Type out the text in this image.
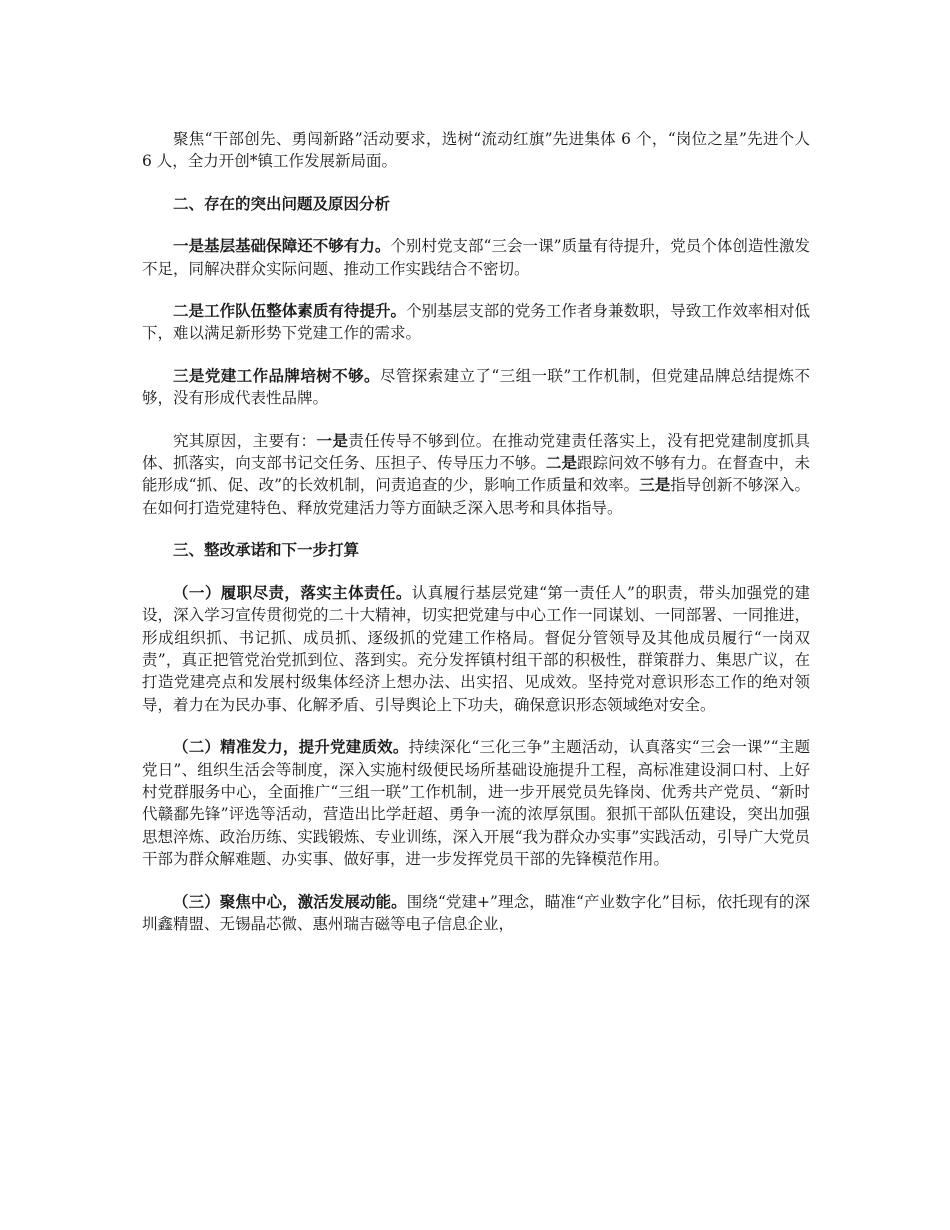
聚焦“干部创先、勇闯新路”活动要求，选树“流动红旗”先进集体 6 个，“岗位之星”先进个人 6 人，全力开创*镇工作发展新局面。

二、存在的突出问题及原因分析

一是基层基础保障还不够有力。个别村党支部“三会一课”质量有待提升，党员个体创造性激发不足，同解决群众实际问题、推动工作实践结合不密切。

二是工作队伍整体素质有待提升。个别基层支部的党务工作者身兼数职，导致工作效率相对低下，难以满足新形势下党建工作的需求。

三是党建工作品牌培树不够。尽管探索建立了“三组一联”工作机制，但党建品牌总结提炼不够，没有形成代表性品牌。

究其原因，主要有：一是责任传导不够到位。在推动党建责任落实上，没有把党建制度抓具体、抓落实，向支部书记交任务、压担子、传导压力不够。二是跟踪问效不够有力。在督查中，未能形成“抓、促、改”的长效机制，问责追查的少，影响工作质量和效率。三是指导创新不够深入。在如何打造党建特色、释放党建活力等方面缺乏深入思考和具体指导。

三、整改承诺和下一步打算

（一）履职尽责，落实主体责任。认真履行基层党建“第一责任人”的职责，带头加强党的建设，深入学习宣传贯彻党的二十大精神，切实把党建与中心工作一同谋划、一同部署、一同推进，形成组织抓、书记抓、成员抓、逐级抓的党建工作格局。督促分管领导及其他成员履行“一岗双责”，真正把管党治党抓到位、落到实。充分发挥镇村组干部的积极性，群策群力、集思广议，在打造党建亮点和发展村级集体经济上想办法、出实招、见成效。坚持党对意识形态工作的绝对领导，着力在为民办事、化解矛盾、引导舆论上下功夫，确保意识形态领域绝对安全。

（二）精准发力，提升党建质效。持续深化“三化三争”主题活动，认真落实“三会一课”“主题党日”、组织生活会等制度，深入实施村级便民场所基础设施提升工程，高标准建设洞口村、上好村党群服务中心，全面推广“三组一联”工作机制，进一步开展党员先锋岗、优秀共产党员、“新时代赣鄱先锋”评选等活动，营造出比学赶超、勇争一流的浓厚氛围。狠抓干部队伍建设，突出加强思想淬炼、政治历练、实践锻炼、专业训练，深入开展“我为群众办实事”实践活动，引导广大党员干部为群众解难题、办实事、做好事，进一步发挥党员干部的先锋模范作用。

（三）聚焦中心，激活发展动能。围绕“党建+”理念，瞄准“产业数字化”目标，依托现有的深圳鑫精盟、无锡晶芯微、惠州瑞吉磁等电子信息企业，
